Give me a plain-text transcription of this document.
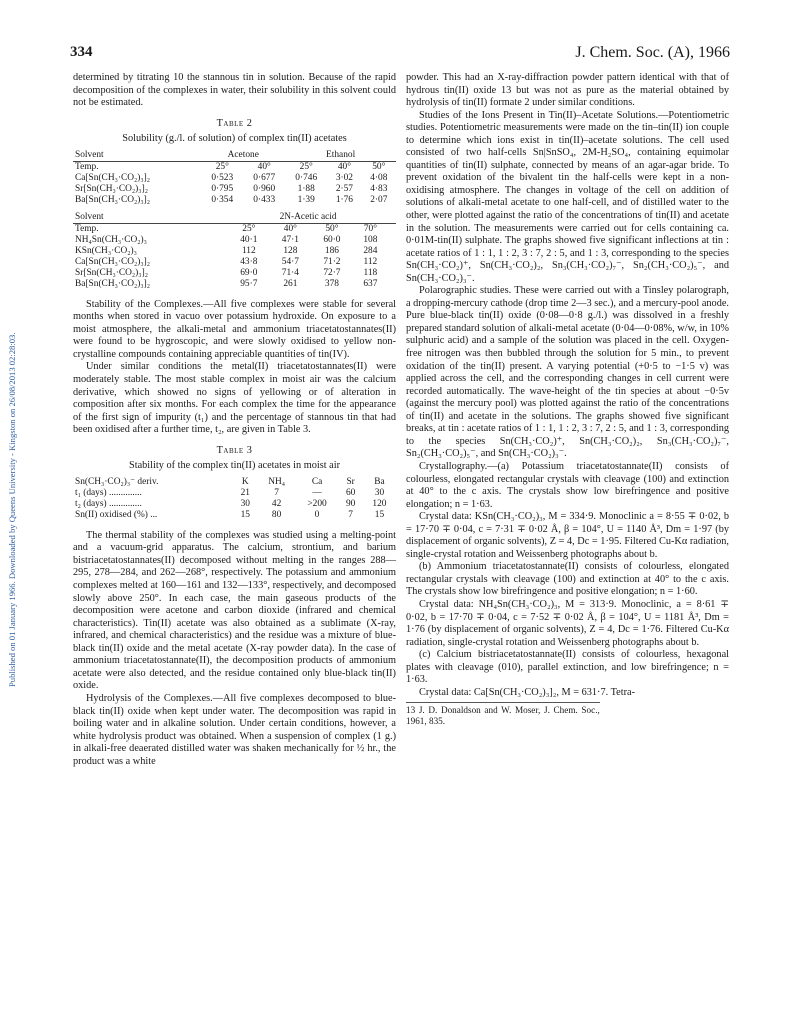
Published on 01 January 1966. Downloaded by Queens University - Kingston on 26/08/2013 02:28:03.
334	J. Chem. Soc. (A), 1966

determined by titrating 10 the stannous tin in solution. Because of the rapid decomposition of the complexes in water, their solubility in this solvent could not be estimated.

Table 2
Solubility (g./l. of solution) of complex tin(II) acetates
Solvent	Acetone		Ethanol		
Temp.	25°	40°	25°	40°	50°
Ca[Sn(CH₃·CO₂)₃]₂	0·523	0·677	0·746	3·02	4·08
Sr[Sn(CH₃·CO₂)₃]₂	0·795	0·960	1·88	2·57	4·83
Ba[Sn(CH₃·CO₂)₃]₂	0·354	0·433	1·39	1·76	2·07
Solvent	2N-Acetic acid				
Temp.	25°	40°	50°	70°	
NH₄Sn(CH₃·CO₂)₃	40·1	47·1	60·0	108	
KSn(CH₃·CO₂)₃	112	128	186	284	
Ca[Sn(CH₃·CO₂)₃]₂	43·8	54·7	71·2	112	
Sr[Sn(CH₃·CO₂)₃]₂	69·0	71·4	72·7	118	
Ba[Sn(CH₃·CO₂)₃]₂	95·7	261	378	637	

Stability of the Complexes.—All five complexes were stable for several months when stored in vacuo over potassium hydroxide. On exposure to a moist atmosphere, the alkali-metal and ammonium triacetatostannates(II) were found to be hygroscopic, and were slowly oxidised to yellow non-crystalline compounds containing appreciable quantities of tin(IV).

Under similar conditions the metal(II) triacetatostannates(II) were moderately stable. The most stable complex in moist air was the calcium derivative, which showed no signs of yellowing or of alteration in composition after six months. For each complex the time for the appearance of the first sign of impurity (t₁) and the percentage of stannous tin that had been oxidised after a further time, t₂, are given in Table 3.

Table 3
Stability of the complex tin(II) acetates in moist air
Sn(CH₃·CO₂)₃⁻ deriv.	K	NH₄	Ca	Sr	Ba
t₁ (days) ..............	21	7	—	60	30
t₂ (days) ..............	30	42	>200	90	120
Sn(II) oxidised (%) ...	15	80	0	7	15

The thermal stability of the complexes was studied using a melting-point and a vacuum-grid apparatus. The calcium, strontium, and barium bistriacetatostannates(II) decomposed without melting in the ranges 288—295, 278—284, and 262—268°, respectively. The potassium and ammonium complexes melted at 160—161 and 132—133°, respectively, and decomposed slowly above 250°. In each case, the main gaseous products of the decomposition were acetone and carbon dioxide (infrared and chemical characteristics). Tin(II) acetate was also obtained as a sublimate (X-ray, infrared, and chemical characteristics) and the residue was a mixture of blue-black tin(II) oxide and the metal acetate (X-ray powder data). In the case of ammonium triacetatostannate(II), the decomposition products of ammonium acetate were also detected, and the residue contained only blue-black tin(II) oxide.

Hydrolysis of the Complexes.—All five complexes decomposed to blue-black tin(II) oxide when kept under water. The decomposition was rapid in boiling water and in alkaline solution. Under certain conditions, however, a white hydrolysis product was obtained. When a suspension of complex (1 g.) in alkali-free deaerated distilled water was shaken mechanically for ½ hr., the product was a white

powder. This had an X-ray-diffraction powder pattern identical with that of hydrous tin(II) oxide 13 but was not as pure as the material obtained by hydrolysis of tin(II) formate 2 under similar conditions.

Studies of the Ions Present in Tin(II)–Acetate Solutions.—Potentiometric studies. Potentiometric measurements were made on the tin–tin(II) ion couple to determine which ions exist in tin(II)–acetate solutions. The cell used consisted of two half-cells Sn|SnSO₄, 2M-H₂SO₄, containing equimolar quantities of tin(II) sulphate, connected by means of an agar-agar bride. To prevent oxidation of the bivalent tin the half-cells were kept in a non-oxidising atmosphere. The changes in voltage of the cell on addition of solutions of alkali-metal acetate to one half-cell, and of distilled water to the other, were plotted against the ratio of the concentrations of tin(II) and acetate in the solution. The measurements were carried out for cells containing ca. 0·01M-tin(II) sulphate. The graphs showed five significant inflections at tin : acetate ratios of 1 : 1, 1 : 2, 3 : 7, 2 : 5, and 1 : 3, corresponding to the species Sn(CH₃·CO₂)⁺, Sn(CH₃·CO₂)₂, Sn₃(CH₃·CO₂)₇⁻, Sn₂(CH₃·CO₂)₅⁻, and Sn(CH₃·CO₂)₃⁻.

Polarographic studies. These were carried out with a Tinsley polarograph, a dropping-mercury cathode (drop time 2—3 sec.), and a mercury-pool anode. Pure blue-black tin(II) oxide (0·08—0·8 g./l.) was dissolved in a freshly prepared standard solution of alkali-metal acetate (0·04—0·08%, w/w, in 10% sulphuric acid) and a sample of the solution was placed in the cell. Oxygen-free nitrogen was then bubbled through the solution for 5 min., to prevent oxidation of the tin(II) present. A varying potential (+0·5 to −1·5 v) was applied across the cell, and the corresponding changes in cell current were recorded automatically. The wave-height of the tin species at about −0·5v (against the mercury pool) was plotted against the ratio of the concentrations of tin(II) and acetate in the solutions. The graphs showed five significant breaks, at tin : acetate ratios of 1 : 1, 1 : 2, 3 : 7, 2 : 5, and 1 : 3, corresponding to the species Sn(CH₃·CO₂)⁺, Sn(CH₃·CO₂)₂, Sn₃(CH₃·CO₂)₇⁻, Sn₂(CH₃·CO₂)₅⁻, and Sn(CH₃·CO₂)₃⁻.

Crystallography.—(a) Potassium triacetatostannate(II) consists of colourless, elongated rectangular crystals with cleavage (100) and extinction at 40° to the c axis. The crystals show low birefringence and positive elongation; n = 1·63.

Crystal data: KSn(CH₃·CO₂)₃, M = 334·9. Monoclinic a = 8·55 ∓ 0·02, b = 17·70 ∓ 0·04, c = 7·31 ∓ 0·02 Å, β = 104°, U = 1140 Å³, Dm = 1·97 (by displacement of organic solvents), Z = 4, Dc = 1·95. Filtered Cu-Kα radiation, single-crystal rotation and Weissenberg photographs about b.

(b) Ammonium triacetatostannate(II) consists of colourless, elongated rectangular crystals with cleavage (100) and extinction at 40° to the c axis. The crystals show low birefringence and positive elongation; n = 1·60.

Crystal data: NH₄Sn(CH₃·CO₂)₃, M = 313·9. Monoclinic, a = 8·61 ∓ 0·02, b = 17·70 ∓ 0·04, c = 7·52 ∓ 0·02 Å, β = 104°, U = 1181 Å³, Dm = 1·76 (by displacement of organic solvents), Z = 4, Dc = 1·76. Filtered Cu-Kα radiation, single-crystal rotation and Weissenberg photographs about b.

(c) Calcium bistriacetatostannate(II) consists of colourless, hexagonal plates with cleavage (010), parallel extinction, and low birefringence; n = 1·63.

Crystal data: Ca[Sn(CH₃·CO₂)₃]₂, M = 631·7. Tetra-

13 J. D. Donaldson and W. Moser, J. Chem. Soc., 1961, 835.
